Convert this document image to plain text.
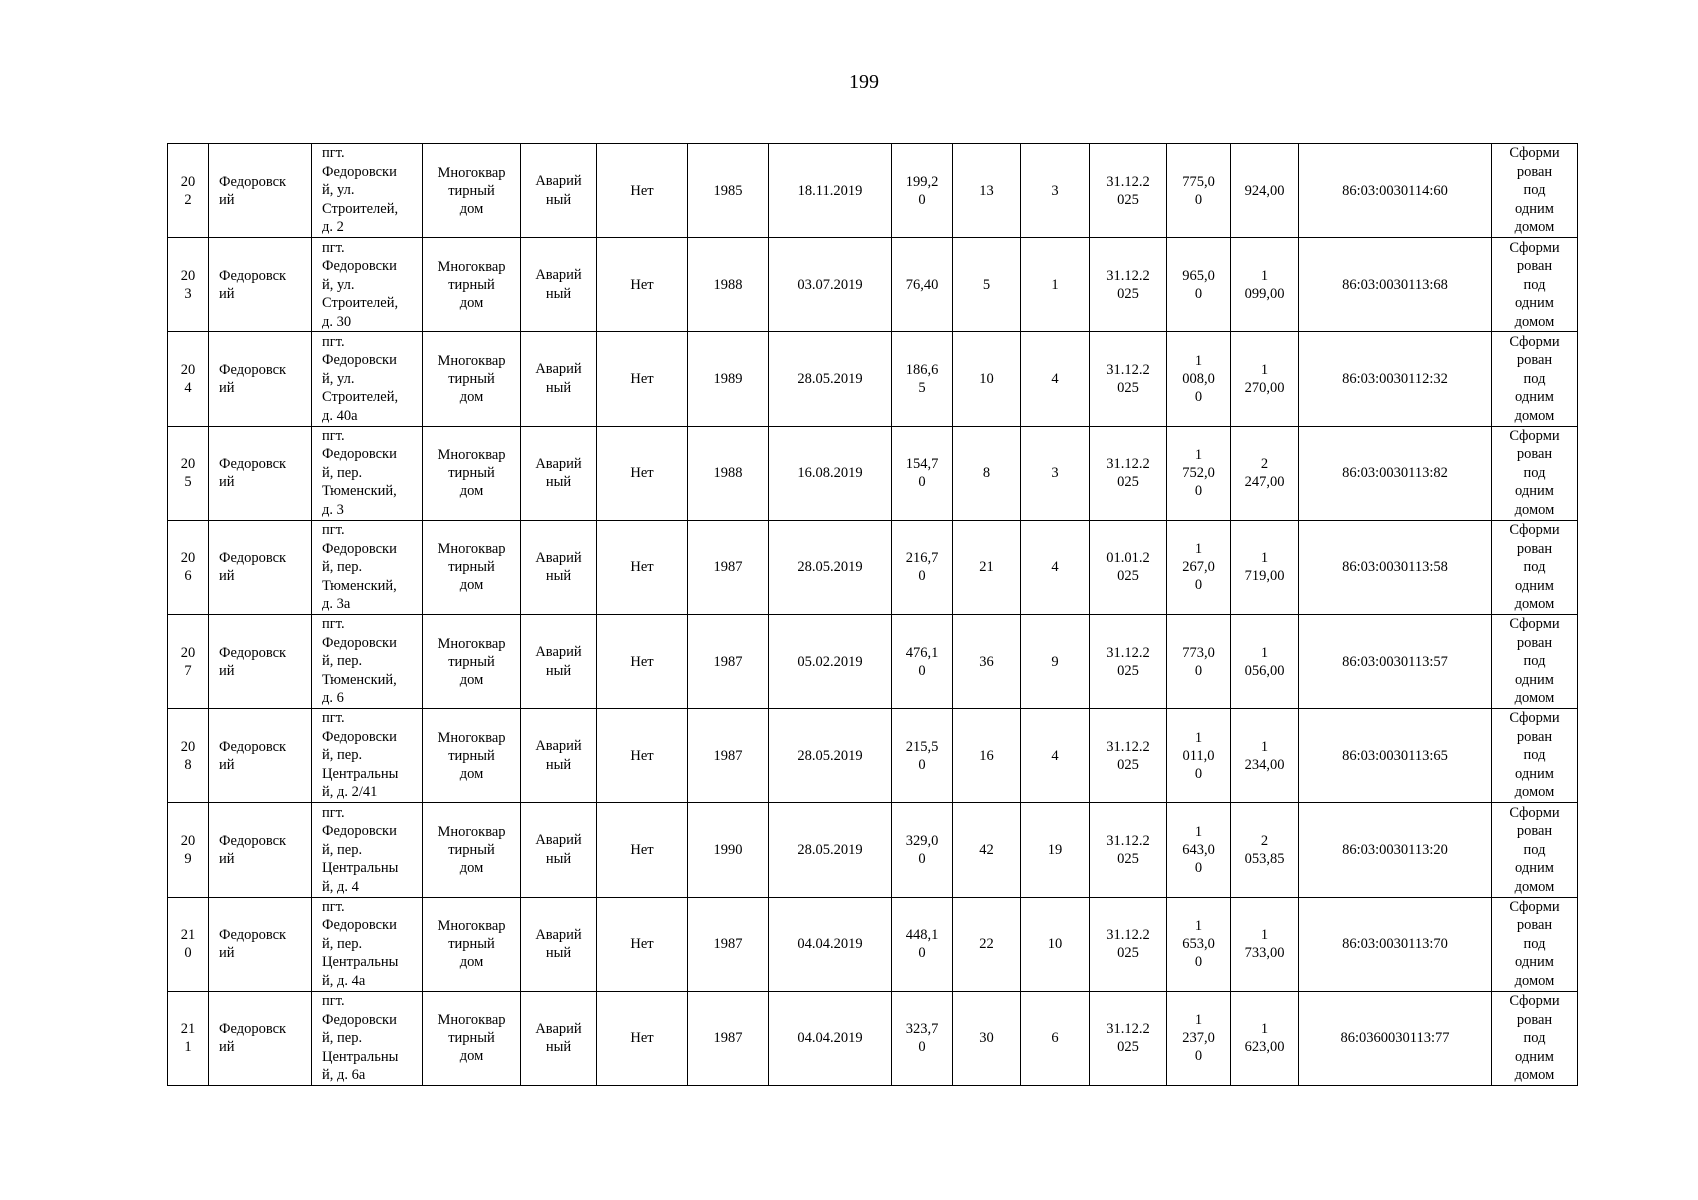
199
20
2	Федоровск
ий	пгт.
Федоровски
й, ул.
Строителей,
д. 2	Многоквар
тирный
дом	Аварий
ный	Нет	1985	18.11.2019	199,2
0	13	3	31.12.2
025	775,0
0	924,00	86:03:0030114:60	Сформи
рован
под
одним
домом
20
3	Федоровск
ий	пгт.
Федоровски
й, ул.
Строителей,
д. 30	Многоквар
тирный
дом	Аварий
ный	Нет	1988	03.07.2019	76,40	5	1	31.12.2
025	965,0
0	1
099,00	86:03:0030113:68	Сформи
рован
под
одним
домом
20
4	Федоровск
ий	пгт.
Федоровски
й, ул.
Строителей,
д. 40а	Многоквар
тирный
дом	Аварий
ный	Нет	1989	28.05.2019	186,6
5	10	4	31.12.2
025	1
008,0
0	1
270,00	86:03:0030112:32	Сформи
рован
под
одним
домом
20
5	Федоровск
ий	пгт.
Федоровски
й, пер.
Тюменский,
д. 3	Многоквар
тирный
дом	Аварий
ный	Нет	1988	16.08.2019	154,7
0	8	3	31.12.2
025	1
752,0
0	2
247,00	86:03:0030113:82	Сформи
рован
под
одним
домом
20
6	Федоровск
ий	пгт.
Федоровски
й, пер.
Тюменский,
д. 3а	Многоквар
тирный
дом	Аварий
ный	Нет	1987	28.05.2019	216,7
0	21	4	01.01.2
025	1
267,0
0	1
719,00	86:03:0030113:58	Сформи
рован
под
одним
домом
20
7	Федоровск
ий	пгт.
Федоровски
й, пер.
Тюменский,
д. 6	Многоквар
тирный
дом	Аварий
ный	Нет	1987	05.02.2019	476,1
0	36	9	31.12.2
025	773,0
0	1
056,00	86:03:0030113:57	Сформи
рован
под
одним
домом
20
8	Федоровск
ий	пгт.
Федоровски
й, пер.
Центральны
й, д. 2/41	Многоквар
тирный
дом	Аварий
ный	Нет	1987	28.05.2019	215,5
0	16	4	31.12.2
025	1
011,0
0	1
234,00	86:03:0030113:65	Сформи
рован
под
одним
домом
20
9	Федоровск
ий	пгт.
Федоровски
й, пер.
Центральны
й, д. 4	Многоквар
тирный
дом	Аварий
ный	Нет	1990	28.05.2019	329,0
0	42	19	31.12.2
025	1
643,0
0	2
053,85	86:03:0030113:20	Сформи
рован
под
одним
домом
21
0	Федоровск
ий	пгт.
Федоровски
й, пер.
Центральны
й, д. 4а	Многоквар
тирный
дом	Аварий
ный	Нет	1987	04.04.2019	448,1
0	22	10	31.12.2
025	1
653,0
0	1
733,00	86:03:0030113:70	Сформи
рован
под
одним
домом
21
1	Федоровск
ий	пгт.
Федоровски
й, пер.
Центральны
й, д. 6а	Многоквар
тирный
дом	Аварий
ный	Нет	1987	04.04.2019	323,7
0	30	6	31.12.2
025	1
237,0
0	1
623,00	86:0360030113:77	Сформи
рован
под
одним
домом
